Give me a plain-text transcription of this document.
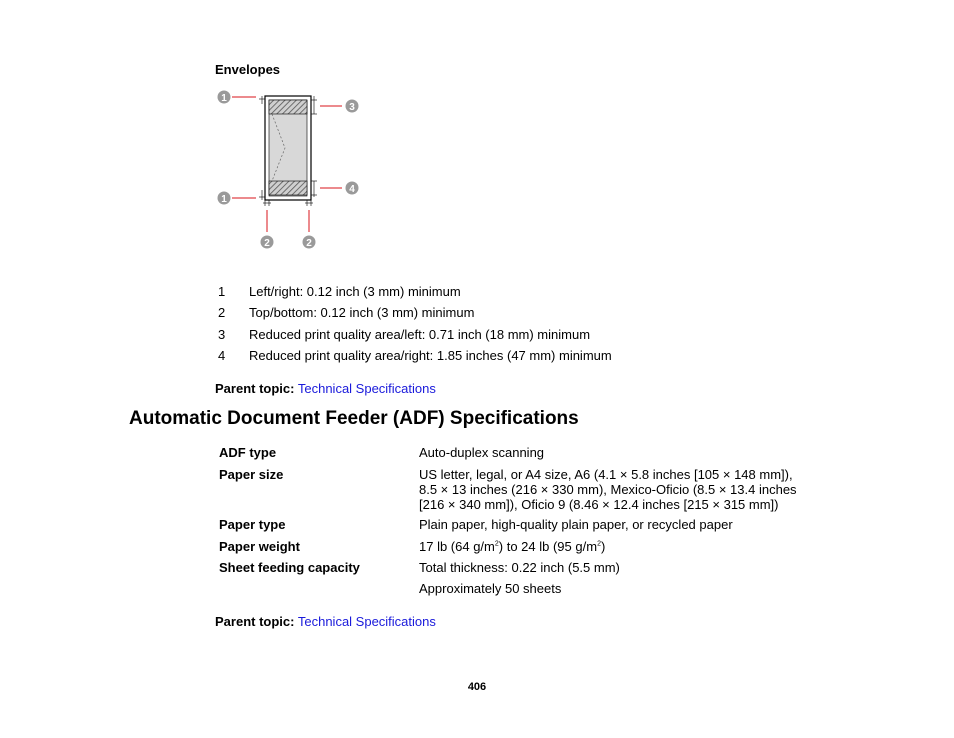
Envelopes
1
1
2	2
3
4
1	Left/right: 0.12 inch (3 mm) minimum
2	Top/bottom: 0.12 inch (3 mm) minimum
3	Reduced print quality area/left: 0.71 inch (18 mm) minimum
4	Reduced print quality area/right: 1.85 inches (47 mm) minimum
Parent topic: Technical Specifications
Automatic Document Feeder (ADF) Specifications
ADF type	Auto-duplex scanning
Paper size	US letter, legal, or A4 size, A6 (4.1 × 5.8 inches [105 × 148 mm]),
8.5 × 13 inches (216 × 330 mm), Mexico-Oficio (8.5 × 13.4 inches
[216 × 340 mm]), Oficio 9 (8.46 × 12.4 inches [215 × 315 mm])
Paper type	Plain paper, high-quality plain paper, or recycled paper
Paper weight	17 lb (64 $g/m^2$) to 24 lb (95 $g/m^2$)
Sheet feeding capacity	Total thickness: 0.22 inch (5.5 mm)
Approximately 50 sheets
Parent topic: Technical Specifications
406
